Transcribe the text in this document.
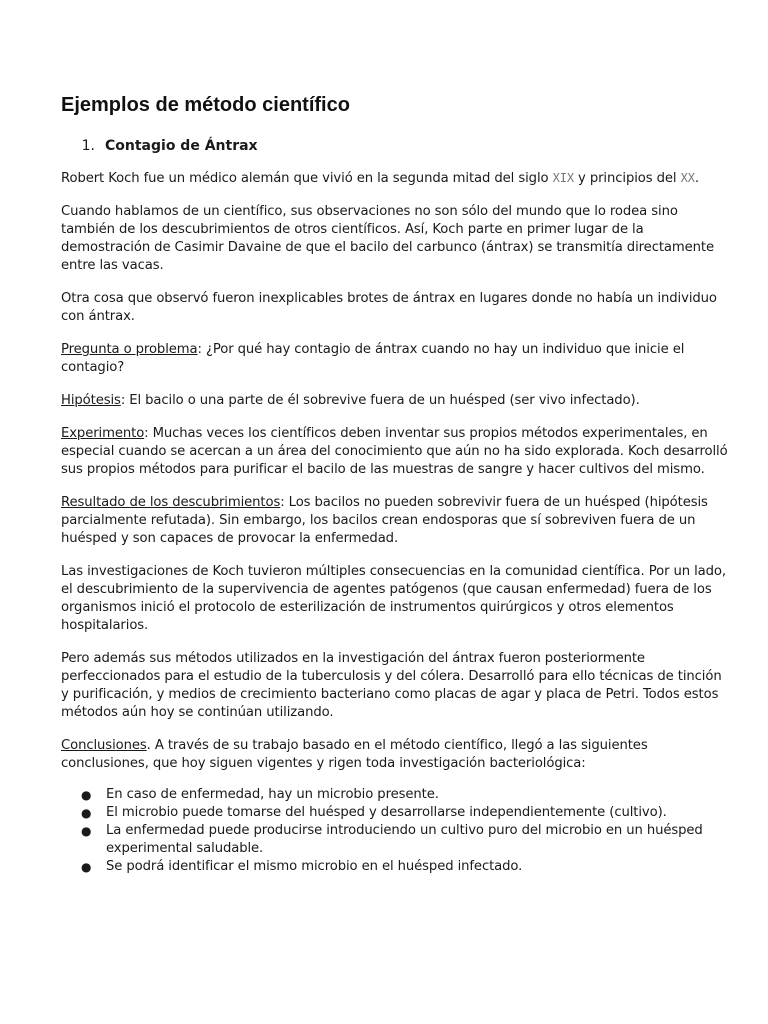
Ejemplos de método científico
1. Contagio de Ántrax

Robert Koch fue un médico alemán que vivió en la segunda mitad del siglo XIX y principios del XX.

Cuando hablamos de un científico, sus observaciones no son sólo del mundo que lo rodea sino también de los descubrimientos de otros científicos. Así, Koch parte en primer lugar de la demostración de Casimir Davaine de que el bacilo del carbunco (ántrax) se transmitía directamente entre las vacas.

Otra cosa que observó fueron inexplicables brotes de ántrax en lugares donde no había un individuo con ántrax.

Pregunta o problema: ¿Por qué hay contagio de ántrax cuando no hay un individuo que inicie el contagio?

Hipótesis: El bacilo o una parte de él sobrevive fuera de un huésped (ser vivo infectado).

Experimento: Muchas veces los científicos deben inventar sus propios métodos experimentales, en especial cuando se acercan a un área del conocimiento que aún no ha sido explorada. Koch desarrolló sus propios métodos para purificar el bacilo de las muestras de sangre y hacer cultivos del mismo.

Resultado de los descubrimientos: Los bacilos no pueden sobrevivir fuera de un huésped (hipótesis parcialmente refutada). Sin embargo, los bacilos crean endosporas que sí sobreviven fuera de un huésped y son capaces de provocar la enfermedad.

Las investigaciones de Koch tuvieron múltiples consecuencias en la comunidad científica. Por un lado, el descubrimiento de la supervivencia de agentes patógenos (que causan enfermedad) fuera de los organismos inició el protocolo de esterilización de instrumentos quirúrgicos y otros elementos hospitalarios.

Pero además sus métodos utilizados en la investigación del ántrax fueron posteriormente perfeccionados para el estudio de la tuberculosis y del cólera. Desarrolló para ello técnicas de tinción y purificación, y medios de crecimiento bacteriano como placas de agar y placa de Petri. Todos estos métodos aún hoy se continúan utilizando.

Conclusiones. A través de su trabajo basado en el método científico, llegó a las siguientes conclusiones, que hoy siguen vigentes y rigen toda investigación bacteriológica:

●	En caso de enfermedad, hay un microbio presente.
●	El microbio puede tomarse del huésped y desarrollarse independientemente (cultivo).
●	La enfermedad puede producirse introduciendo un cultivo puro del microbio en un huésped experimental saludable.
●	Se podrá identificar el mismo microbio en el huésped infectado.
